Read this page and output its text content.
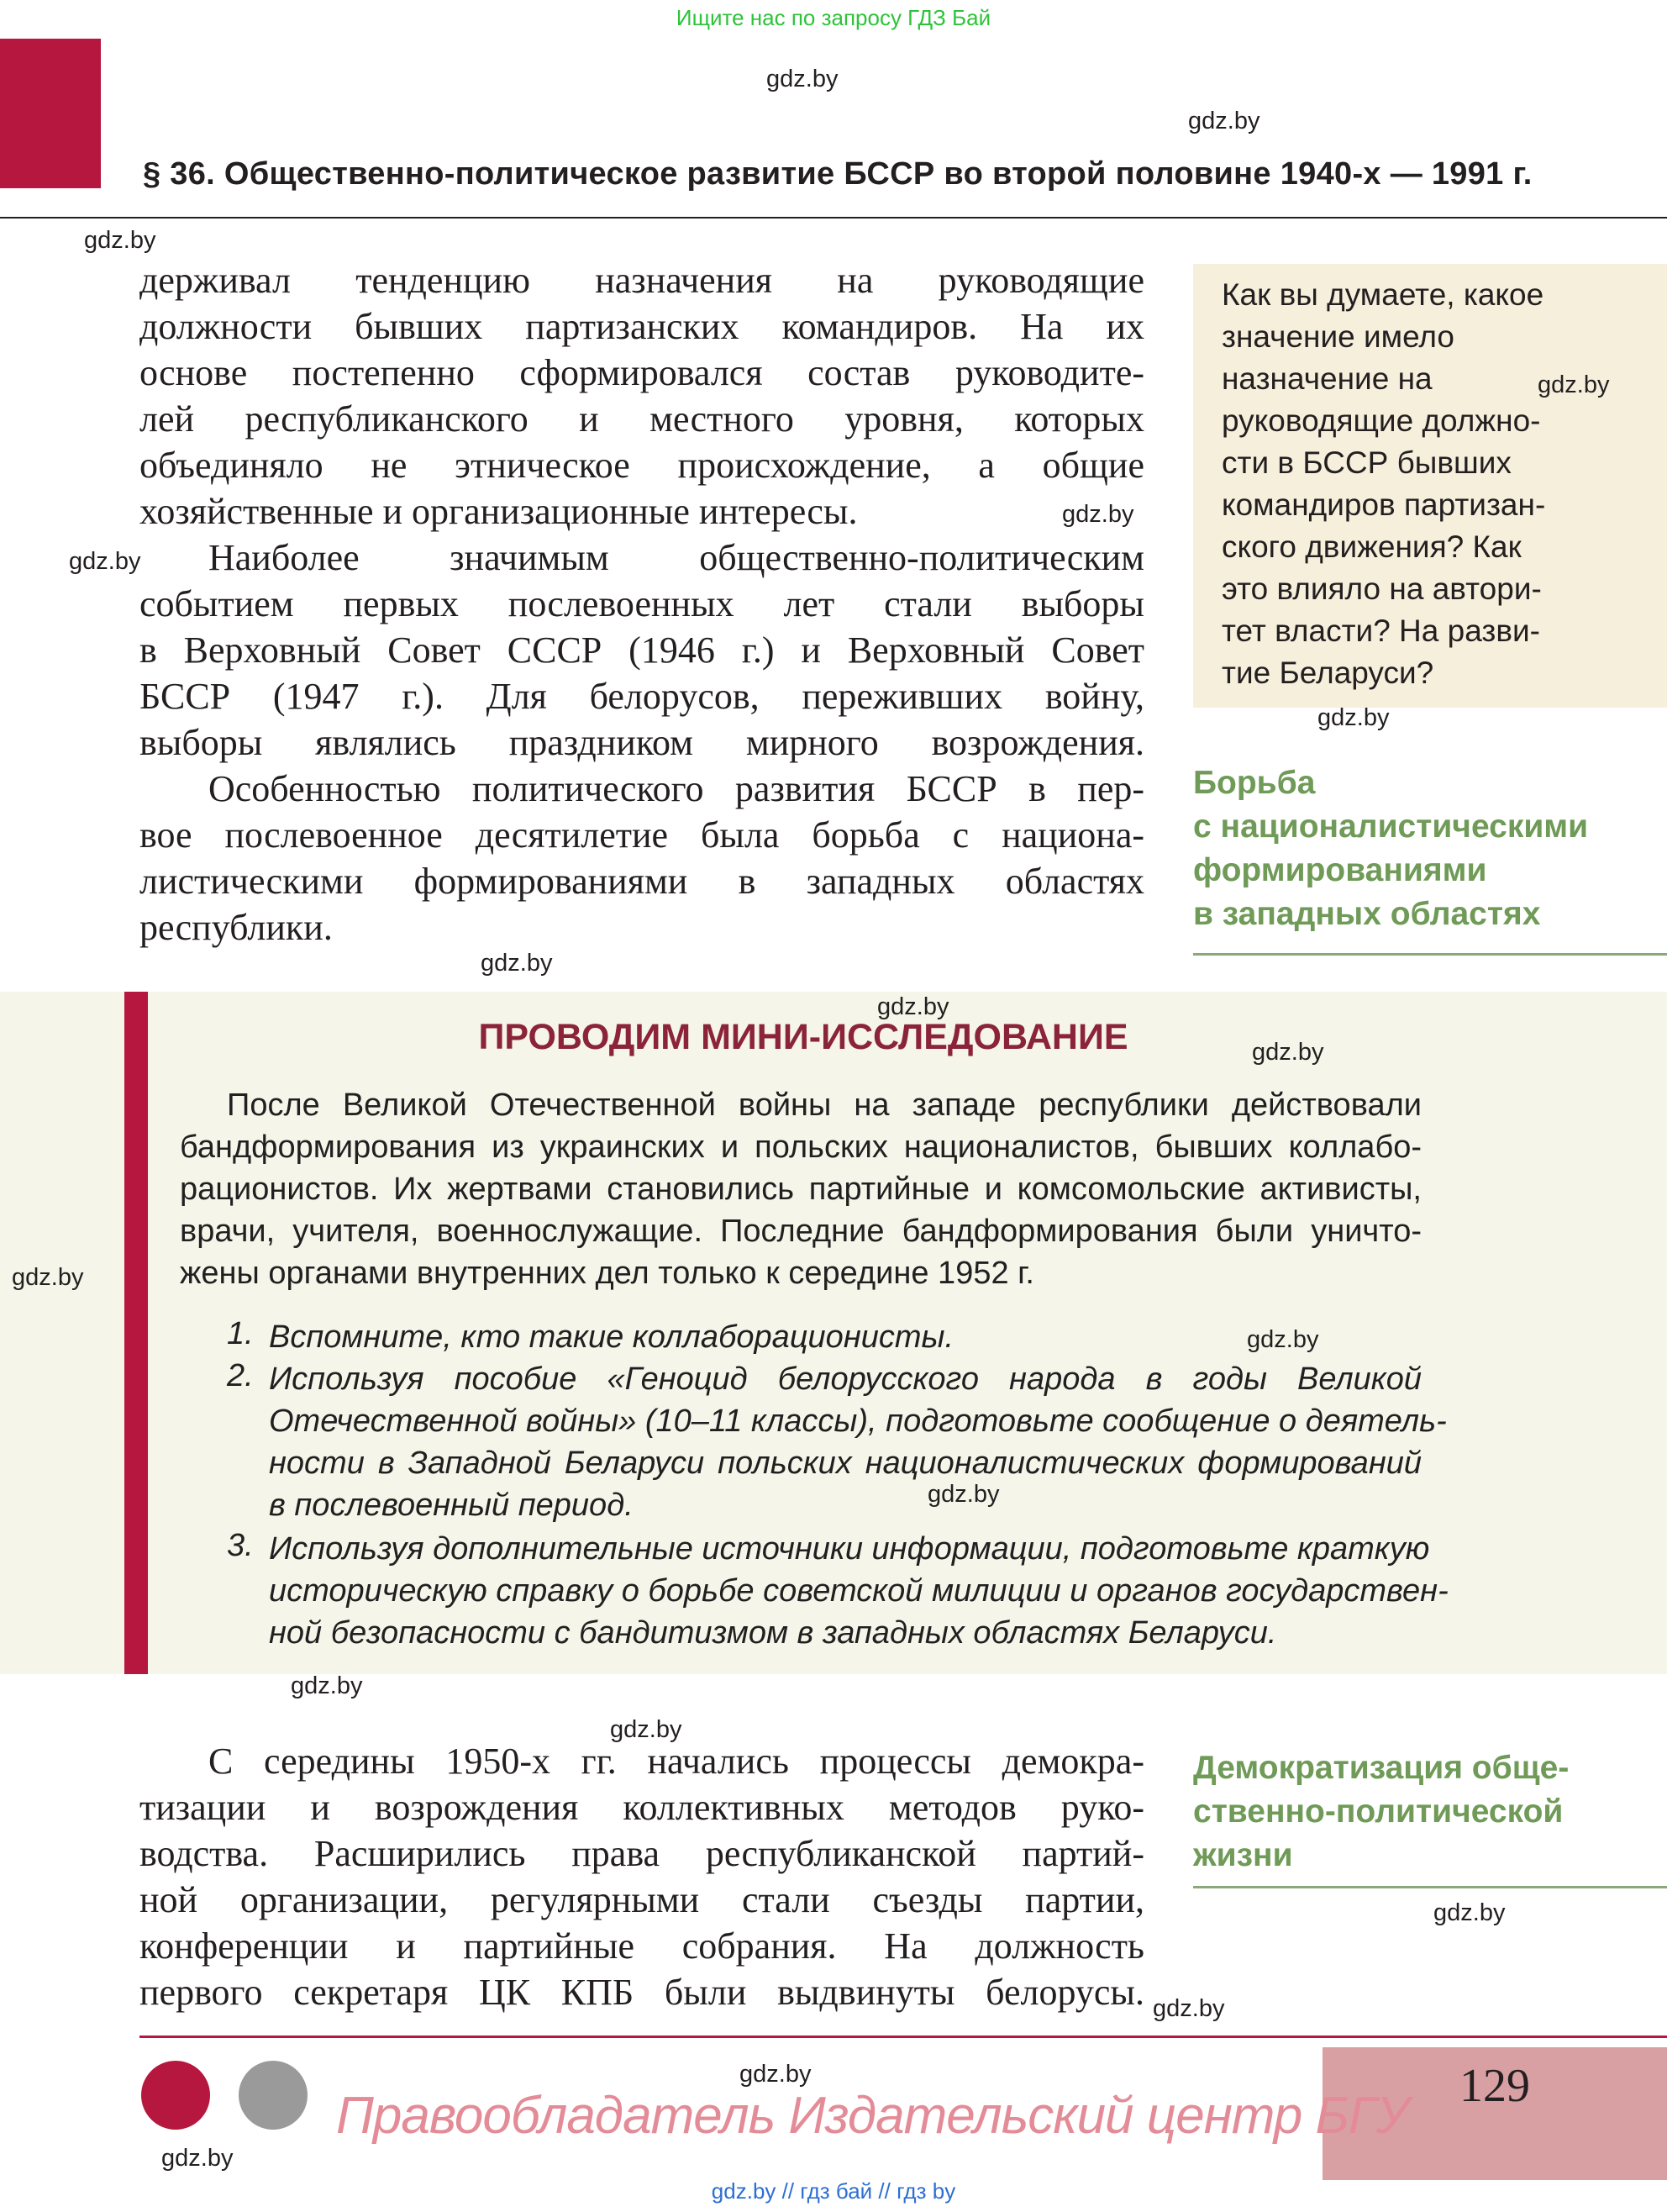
Ищите нас по запросу ГДЗ Бай
§ 36. Общественно-политическое развитие БССР во второй половине 1940-х — 1991 г.
держивал тенденцию назначения на руководящие
должности бывших партизанских командиров. На их
основе постепенно сформировался состав руководите-
лей республиканского и местного уровня, которых
объединяло не этническое происхождение, а общие
хозяйственные и организационные интересы.
Наиболее значимым общественно-политическим
событием первых послевоенных лет стали выборы
в Верховный Совет СССР (1946 г.) и Верховный Совет
БССР (1947 г.). Для белорусов, переживших войну,
выборы являлись праздником мирного возрождения.
Особенностью политического развития БССР в пер-
вое послевоенное десятилетие была борьба с национа-
листическими формированиями в западных областях
республики.
Как вы думаете, какое
значение имело
назначение на
руководящие должно-
сти в БССР бывших
командиров партизан-
ского движения? Как
это влияло на автори-
тет власти? На разви-
тие Беларуси?
Борьба
с националистическими
формированиями
в западных областях
ПРОВОДИМ МИНИ-ИССЛЕДОВАНИЕ
После Великой Отечественной войны на западе республики действовали
бандформирования из украинских и польских националистов, бывших коллабо-
рационистов. Их жертвами становились партийные и комсомольские активисты,
врачи, учителя, военнослужащие. Последние бандформирования были уничто-
жены органами внутренних дел только к середине 1952 г.
1. Вспомните, кто такие коллаборационисты.
2. Используя пособие «Геноцид белорусского народа в годы Великой
Отечественной войны» (10–11 классы), подготовьте сообщение о деятель-
ности в Западной Беларуси польских националистических формирований
в послевоенный период.
3. Используя дополнительные источники информации, подготовьте краткую
историческую справку о борьбе советской милиции и органов государствен-
ной безопасности с бандитизмом в западных областях Беларуси.
С середины 1950-х гг. начались процессы демокра-
тизации и возрождения коллективных методов руко-
водства. Расширились права республиканской партий-
ной организации, регулярными стали съезды партии,
конференции и партийные собрания. На должность
первого секретаря ЦК КПБ были выдвинуты белорусы.
Демократизация обще-
ственно-политической
жизни
gdz.by
gdz.by
gdz.by
gdz.by
gdz.by
gdz.by
gdz.by
gdz.by
gdz.by
gdz.by
gdz.by
gdz.by
gdz.by
gdz.by
gdz.by
gdz.by
gdz.by
gdz.by
gdz.by
129
Правообладатель Издательский центр БГУ
gdz.by // гдз бай // гдз by
